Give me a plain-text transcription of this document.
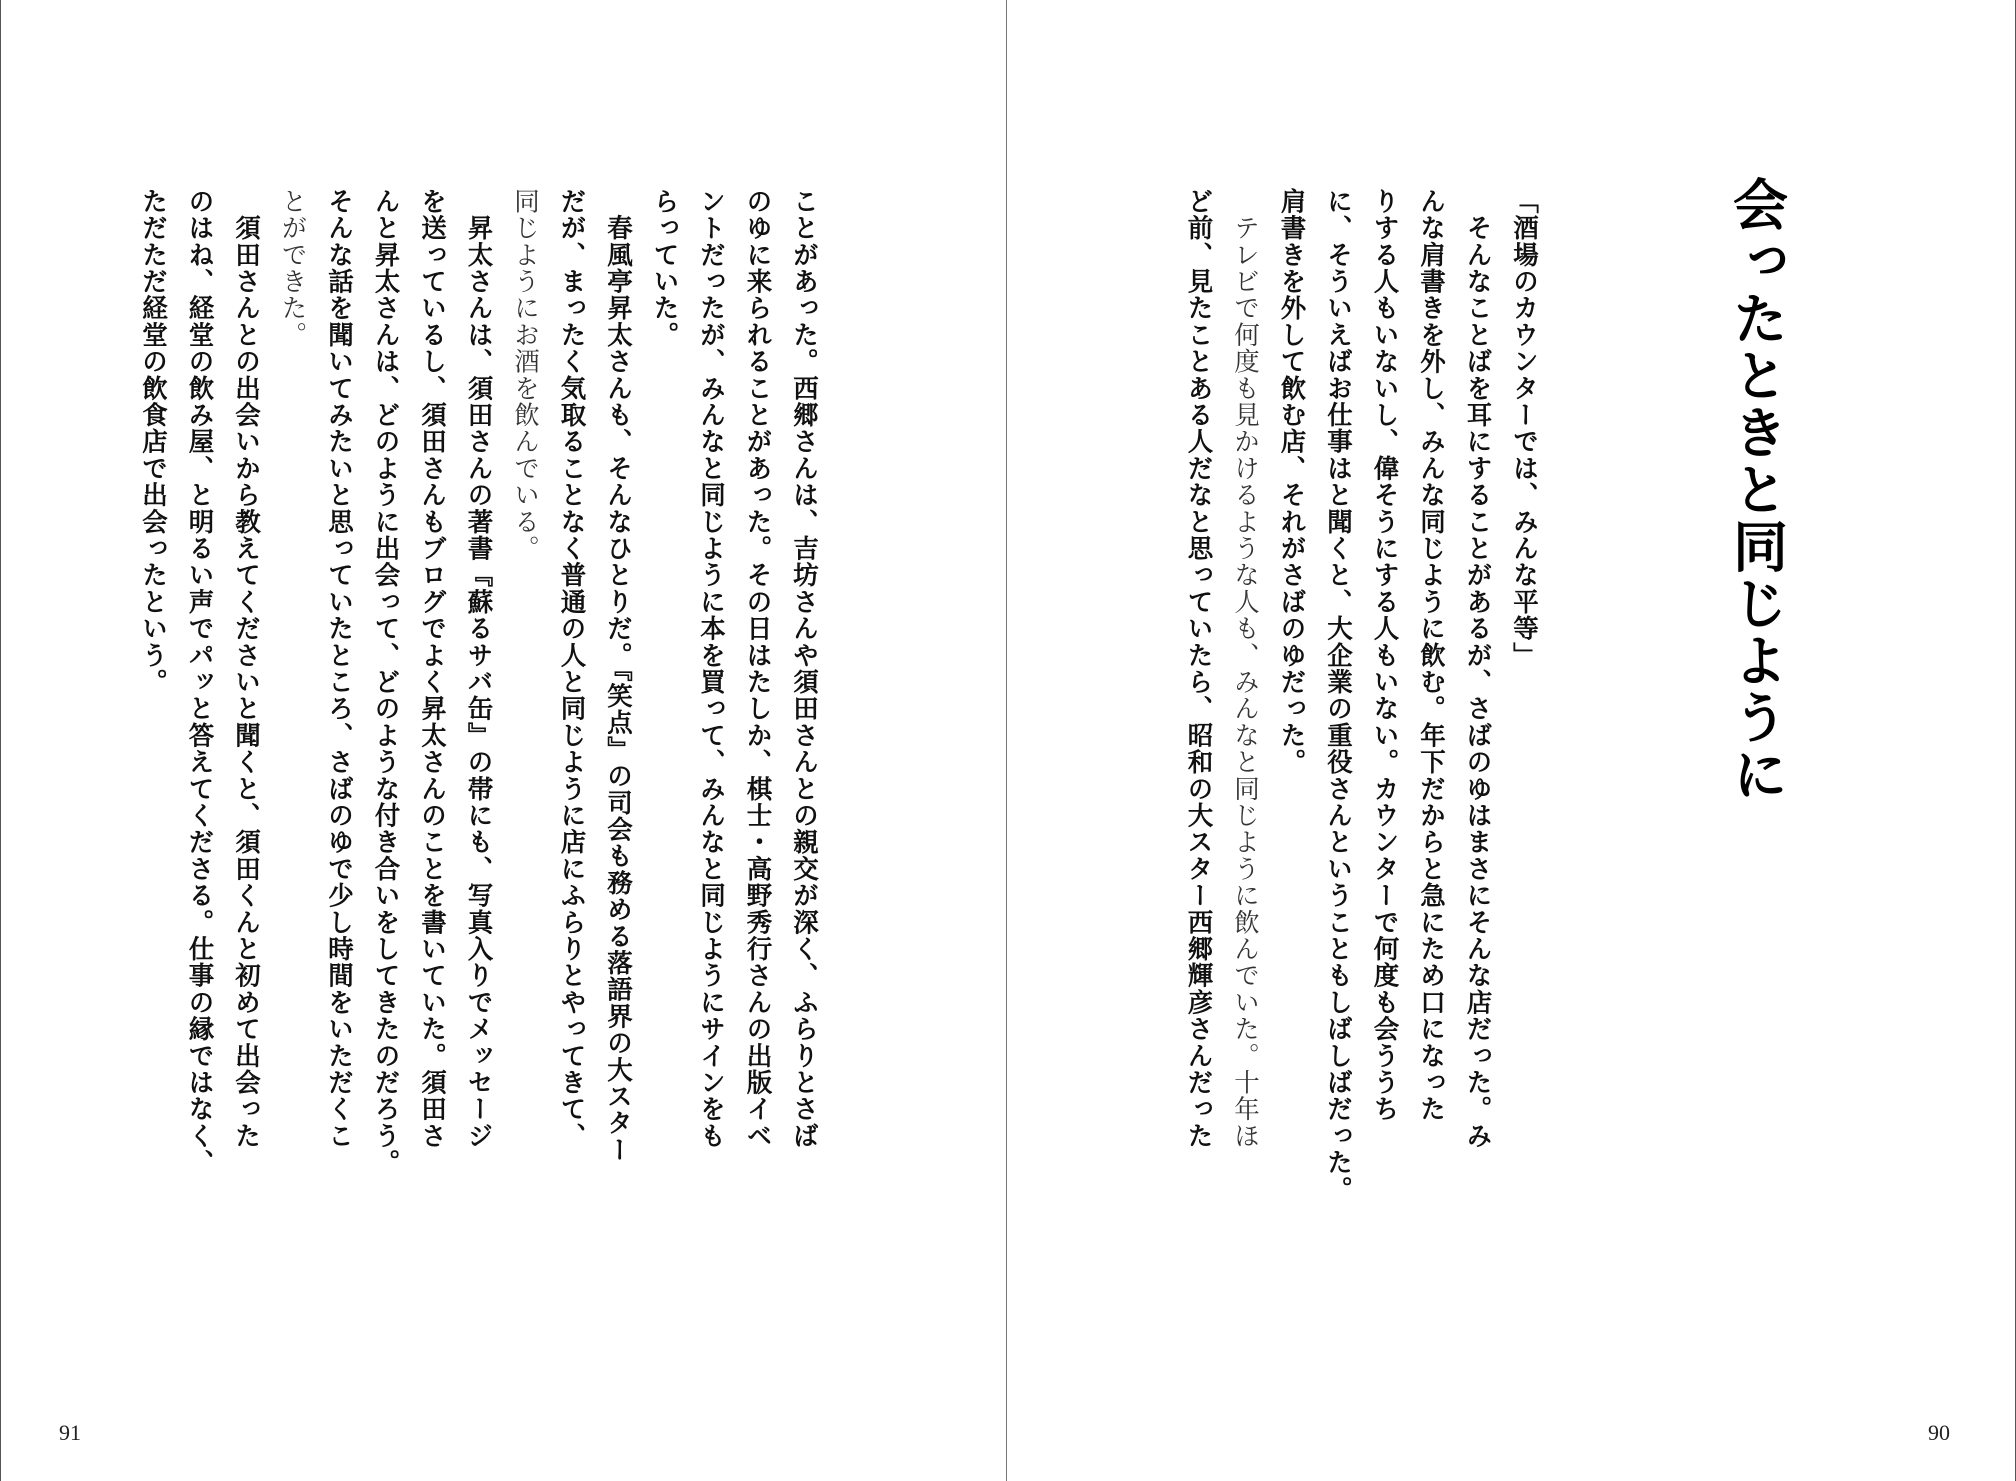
ことがあった。西郷さんは、吉坊さんや須田さんとの親交が深く、ふらりとさば
のゆに来られることがあった。その日はたしか、棋士・高野秀行さんの出版イベ
ントだったが、みんなと同じように本を買って、みんなと同じようにサインをも
らっていた。
　春風亭昇太さんも、そんなひとりだ。『笑点』の司会も務める落語界の大スター
だが、まったく気取ることなく普通の人と同じように店にふらりとやってきて、
同じようにお酒を飲んでいる。
　昇太さんは、須田さんの著書『蘇るサバ缶』の帯にも、写真入りでメッセージ
を送っているし、須田さんもブログでよく昇太さんのことを書いていた。須田さ
んと昇太さんは、どのように出会って、どのような付き合いをしてきたのだろう。
そんな話を聞いてみたいと思っていたところ、さばのゆで少し時間をいただくこ
とができた。
　須田さんとの出会いから教えてくださいと聞くと、須田くんと初めて出会った
のはね、経堂の飲み屋、と明るい声でパッと答えてくださる。仕事の縁ではなく、
ただただ経堂の飲食店で出会ったという。
91
「酒場のカウンターでは、みんな平等」
　そんなことばを耳にすることがあるが、さばのゆはまさにそんな店だった。み
んな肩書きを外し、みんな同じように飲む。年下だからと急にため口になった
りする人もいないし、偉そうにする人もいない。カウンターで何度も会ううち
に、そういえばお仕事はと聞くと、大企業の重役さんということもしばしばだった。
肩書きを外して飲む店、それがさばのゆだった。
　テレビで何度も見かけるような人も、みんなと同じように飲んでいた。十年ほ
ど前、見たことある人だなと思っていたら、昭和の大スター西郷輝彦さんだった
90
会ったときと同じように
